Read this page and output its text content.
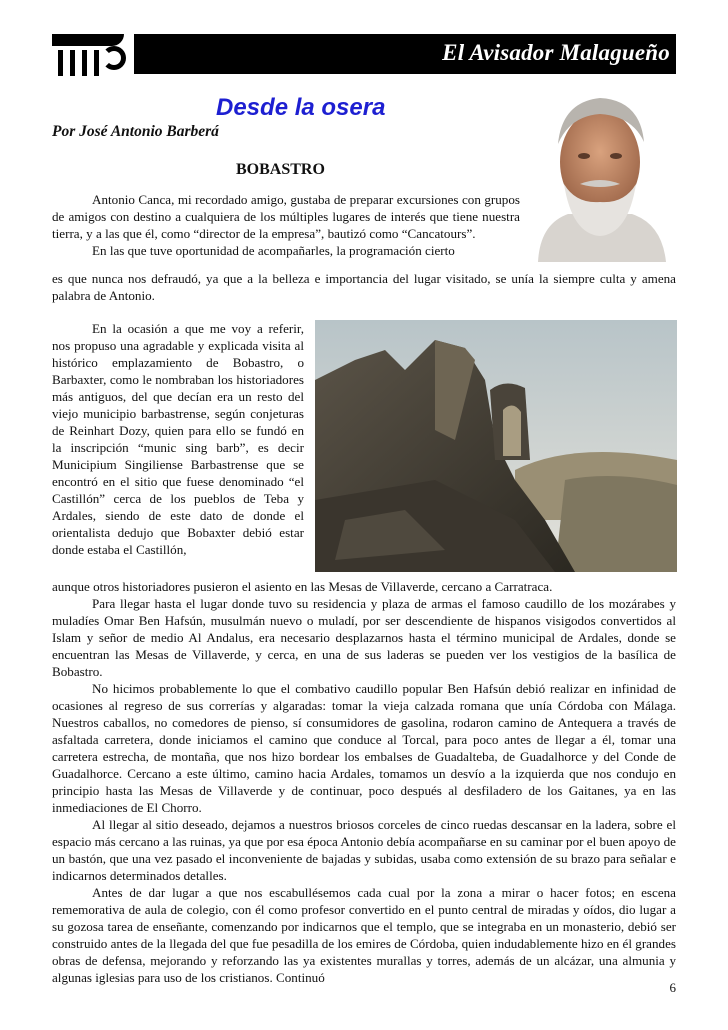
El Avisador Malagueño
Desde la osera
Por José Antonio Barberá
BOBASTRO

Antonio Canca, mi recordado amigo, gustaba de preparar excursiones con grupos de amigos con destino a cualquiera de los múltiples lugares de interés que tiene nuestra tierra, y a las que él, como “director de la empresa”, bautizó como “Cancatours”.

En las que tuve oportunidad de acompañarles, la programación cierto

es que nunca nos defraudó, ya que a la belleza e importancia del lugar visitado, se unía la siempre culta y amena palabra de Antonio.

En la ocasión a que me voy a referir, nos propuso una agradable y explicada visita al histórico emplazamiento de Bobastro, o Barbaxter, como le nombraban los historiadores más antiguos, del que decían era un resto del viejo municipio barbastrense, según conjeturas de Reinhart Dozy, quien para ello se fundó en la inscripción “munic sing barb”, es decir Municipium Singiliense Barbastrense que se encontró en el sitio que fuese denominado “el Castillón” cerca de los pueblos de Teba y Ardales, siendo de este dato de donde el orientalista dedujo que Bobaxter debió estar donde estaba el Castillón,

aunque otros historiadores pusieron el asiento en las Mesas de Villaverde, cercano a Carratraca.

Para llegar hasta el lugar donde tuvo su residencia y plaza de armas el famoso caudillo de los mozárabes y muladíes Omar Ben Hafsún, musulmán nuevo o muladí, por ser descendiente de hispanos visigodos convertidos al Islam y señor de medio Al Andalus, era necesario desplazarnos hasta el término municipal de Ardales, donde se encuentran las Mesas de Villaverde, y cerca, en una de sus laderas se pueden ver los vestigios de la basílica de Bobastro.

No hicimos probablemente lo que el combativo caudillo popular Ben Hafsún debió realizar en infinidad de ocasiones al regreso de sus correrías y algaradas: tomar la vieja calzada romana que unía Córdoba con Málaga. Nuestros caballos, no comedores de pienso, sí consumidores de gasolina, rodaron camino de Antequera a través de asfaltada carretera, donde iniciamos el camino que conduce al Torcal, para poco antes de llegar a él, tomar una carretera estrecha, de montaña, que nos hizo bordear los embalses de Guadalteba, de Guadalhorce y del Conde de Guadalhorce. Cercano a este último, camino hacia Ardales, tomamos un desvío a la izquierda que nos condujo en principio hasta las Mesas de Villaverde y de continuar, poco después al desfiladero de los Gaitanes, ya en las inmediaciones de El Chorro.

Al llegar al sitio deseado, dejamos a nuestros briosos corceles de cinco ruedas descansar en la ladera, sobre el espacio más cercano a las ruinas, ya que por esa época Antonio debía acompañarse en su caminar por el buen apoyo de un bastón, que una vez pasado el inconveniente de bajadas y subidas, usaba como extensión de su brazo para señalar e indicarnos determinados detalles.

Antes de dar lugar a que nos escabullésemos cada cual por la zona a mirar o hacer fotos; en escena rememorativa de aula de colegio, con él como profesor convertido en el punto central de miradas y oídos, dio lugar a su gozosa tarea de enseñante, comenzando por indicarnos que el templo, que se integraba en un monasterio, debió ser construido antes de la llegada del que fue pesadilla de los emires de Córdoba, quien indudablemente hizo en él grandes obras de defensa, mejorando y reforzando las ya existentes murallas y torres, además de un alcázar, una almunia y algunas iglesias para uso de los cristianos. Continuó

6
